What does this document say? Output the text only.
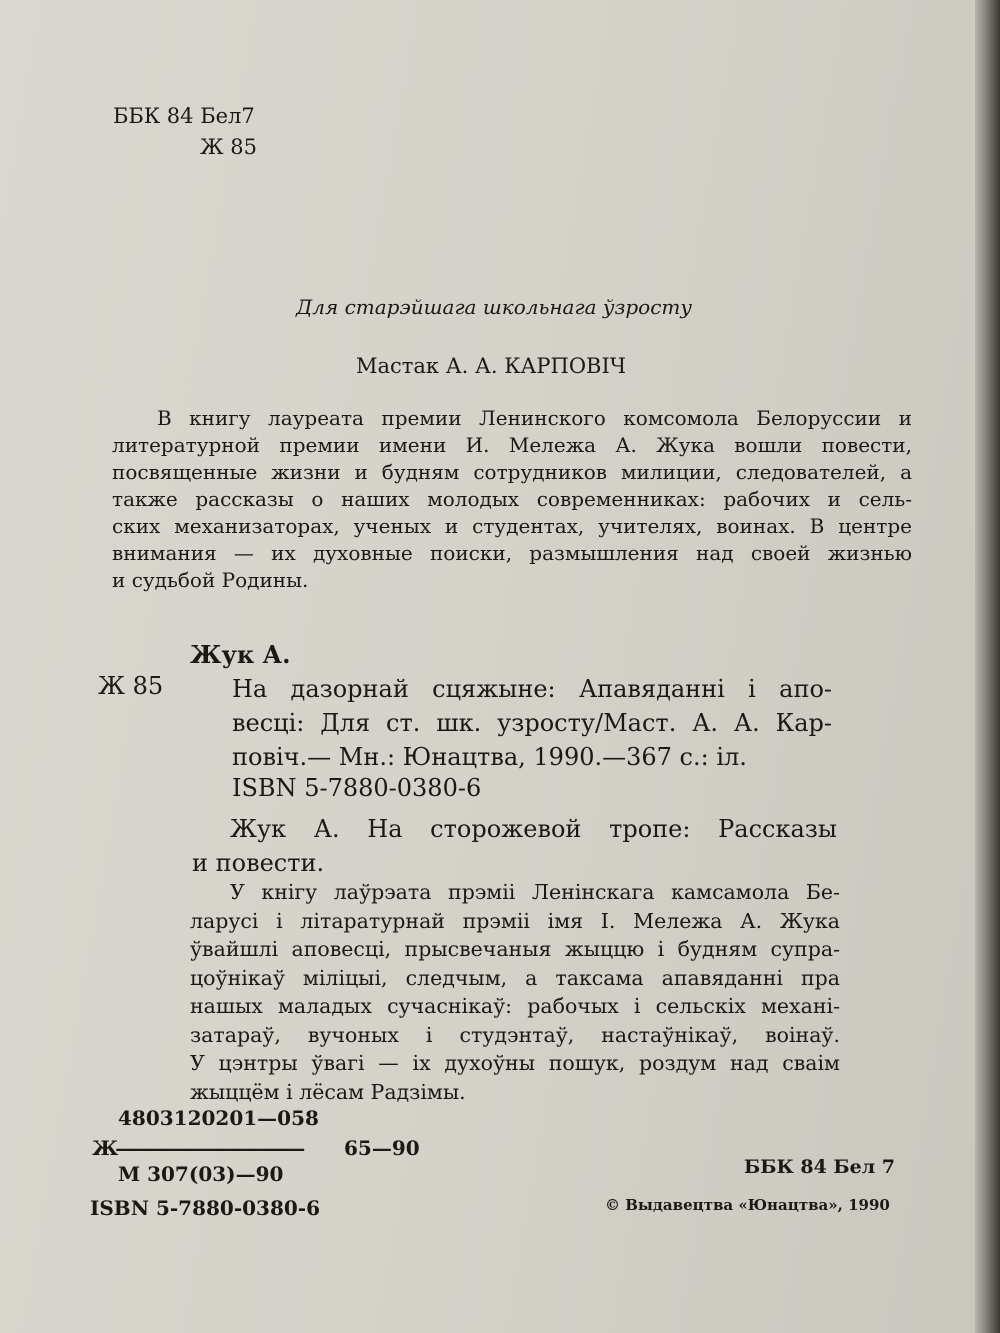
ББК 84 Бел7
Ж 85
Для старэйшага школьнага ўзросту
Мастак А. А. КАРПОВІЧ
В книгу лауреата премии Ленинского комсомола Белоруссии и
литературной премии имени И. Мележа А. Жука вошли повести,
посвященные жизни и будням сотрудников милиции, следователей, а
также рассказы о наших молодых современниках: рабочих и сель-
ских механизаторах, ученых и студентах, учителях, воинах. В центре
внимания — их духовные поиски, размышления над своей жизнью
и судьбой Родины.
Жук А.
Ж 85	На дазорнай сцяжыне: Апавяданні і апо-
весці: Для ст. шк. узросту/Маст. А. А. Кар-
повіч.— Мн.: Юнацтва, 1990.—367 с.: іл.
ISBN 5-7880-0380-6
Жук А. На сторожевой тропе: Рассказы
и повести.
У кнігу лаўрэата прэміі Ленінскага камсамола Бе-
ларусі і літаратурнай прэміі імя І. Мележа А. Жука
ўвайшлі аповесці, прысвечаныя жыццю і будням супра-
цоўнікаў міліцыі, следчым, а таксама апавяданні пра
нашых маладых сучаснікаў: рабочых і сельскіх механі-
затараў, вучоных і студэнтаў, настаўнікаў, воінаў.
У цэнтры ўвагі — іх духоўны пошук, роздум над сваім
жыццём і лёсам Радзімы.
4803120201—058
Ж——————————— 65—90
М 307(03)—90
ISBN 5-7880-0380-6
ББК 84 Бел 7
© Выдавецтва «Юнацтва», 1990
